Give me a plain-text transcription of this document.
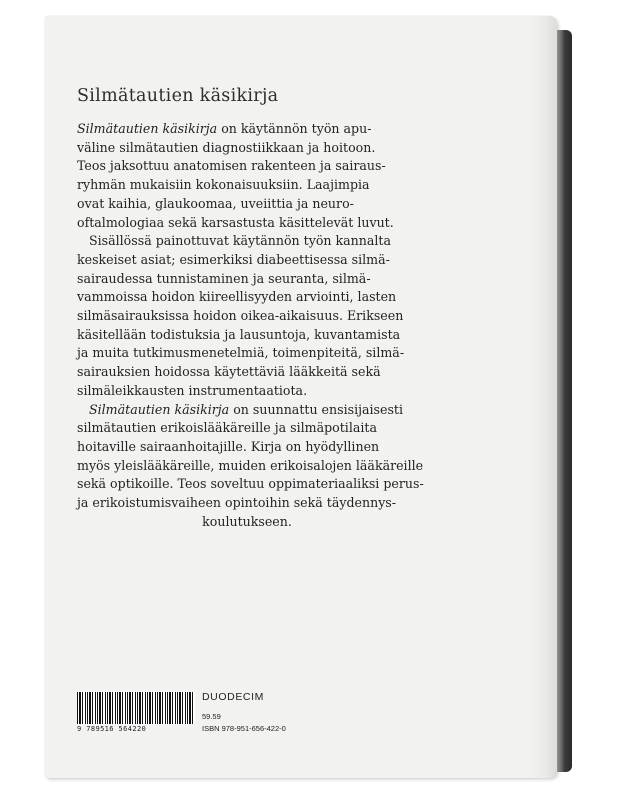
Silmätautien käsikirja
Silmätautien käsikirja on käytännön työn apu-
väline silmätautien diagnostiikkaan ja hoitoon.
Teos jaksottuu anatomisen rakenteen ja sairaus-
ryhmän mukaisiin kokonaisuuksiin. Laajimpia
ovat kaihia, glaukoomaa, uveiittia ja neuro-
oftalmologiaa sekä karsastusta käsittelevät luvut.
Sisällössä painottuvat käytännön työn kannalta
keskeiset asiat; esimerkiksi diabeettisessa silmä-
sairaudessa tunnistaminen ja seuranta, silmä-
vammoissa hoidon kiireellisyyden arviointi, lasten
silmäsairauksissa hoidon oikea-aikaisuus. Erikseen
käsitellään todistuksia ja lausuntoja, kuvantamista
ja muita tutkimusmenetelmiä, toimenpiteitä, silmä-
sairauksien hoidossa käytettäviä lääkkeitä sekä
silmäleikkausten instrumentaatiota.
Silmätautien käsikirja on suunnattu ensisijaisesti
silmätautien erikoislääkäreille ja silmäpotilaita
hoitaville sairaanhoitajille. Kirja on hyödyllinen
myös yleislääkäreille, muiden erikoisalojen lääkäreille
sekä optikoille. Teos soveltuu oppimateriaaliksi perus-
ja erikoistumisvaiheen opintoihin sekä täydennys-
koulutukseen.
9 789516 564220
DUODECIM
59.59
ISBN 978-951-656-422-0
